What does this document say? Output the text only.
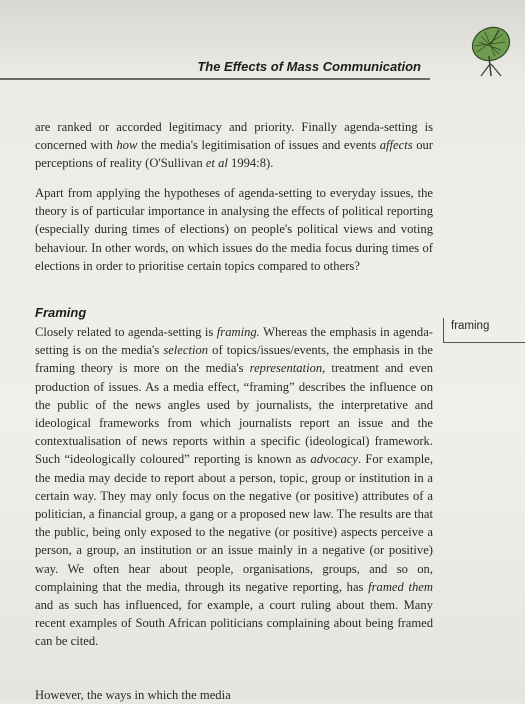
The Effects of Mass Communication

are ranked or accorded legitimacy and priority. Finally agenda-setting is concerned with how the media's legitimisation of issues and events affects our perceptions of reality (O'Sullivan et al 1994:8).

Apart from applying the hypotheses of agenda-setting to everyday issues, the theory is of particular importance in analysing the effects of political reporting (especially during times of elections) on people's political views and voting behaviour. In other words, on which issues do the media focus during times of elections in order to prioritise certain topics compared to others?

Framing

Closely related to agenda-setting is framing. Whereas the emphasis in agenda-setting is on the media's selection of topics/issues/events, the emphasis in the framing theory is more on the media's representation, treatment and even production of issues. As a media effect, “framing” describes the influence on the public of the news angles used by journalists, the interpretative and ideological frameworks from which journalists report an issue and the contextualisation of news reports within a specific (ideological) framework. Such “ideologically coloured” reporting is known as advocacy. For example, the media may decide to report about a person, topic, group or institution in a certain way. They may only focus on the negative (or positive) attributes of a politician, a financial group, a gang or a proposed new law. The results are that the public, being only exposed to the negative (or positive) aspects perceive a person, a group, an institution or an issue mainly in a negative (or positive) way. We often hear about people, organisations, groups, and so on, complaining that the media, through its negative reporting, has framed them and as such has influenced, for example, a court ruling about them. Many recent examples of South African politicians complaining about being framed can be cited.

However, the ways in which the media

framing
